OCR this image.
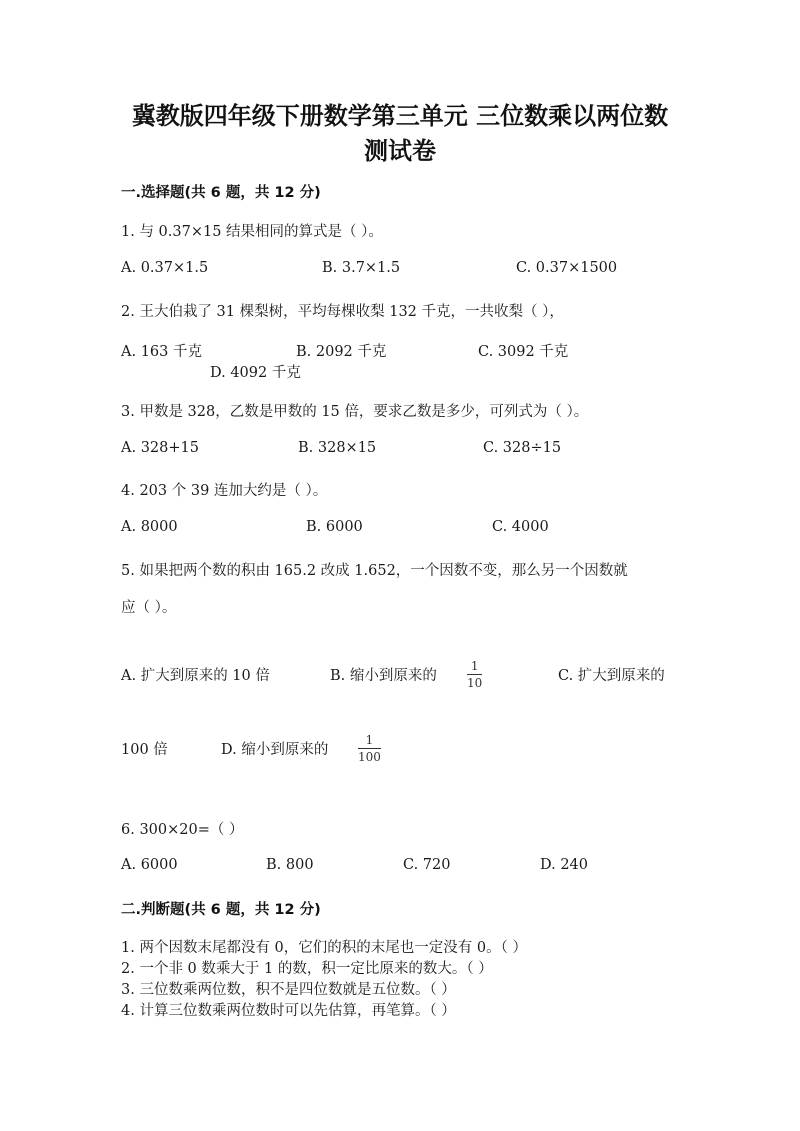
冀教版四年级下册数学第三单元 三位数乘以两位数
测试卷
一.选择题(共 6 题，共 12 分)
1. 与 0.37×15 结果相同的算式是（ ）。
A. 0.37×1.5	B. 3.7×1.5	C. 0.37×1500
2. 王大伯栽了 31 棵梨树，平均每棵收梨 132 千克，一共收梨（ ），
A. 163 千克	B. 2092 千克	C. 3092 千克
D. 4092 千克
3. 甲数是 328，乙数是甲数的 15 倍，要求乙数是多少，可列式为（ ）。
A. 328+15	B. 328×15	C. 328÷15
4. 203 个 39 连加大约是（ ）。
A. 8000	B. 6000	C. 4000
5. 如果把两个数的积由 165.2 改成 1.652，一个因数不变，那么另一个因数就
应（ ）。
A. 扩大到原来的 10 倍	B. 缩小到原来的
1
10	C. 扩大到原来的
100 倍	D. 缩小到原来的
1
100
6. 300×20=（ ）
A. 6000	B. 800	C. 720	D. 240
二.判断题(共 6 题，共 12 分)
1. 两个因数末尾都没有 0，它们的积的末尾也一定没有 0。（ ）
2. 一个非 0 数乘大于 1 的数，积一定比原来的数大。（ ）
3. 三位数乘两位数，积不是四位数就是五位数。（ ）
4. 计算三位数乘两位数时可以先估算，再笔算。（ ）
